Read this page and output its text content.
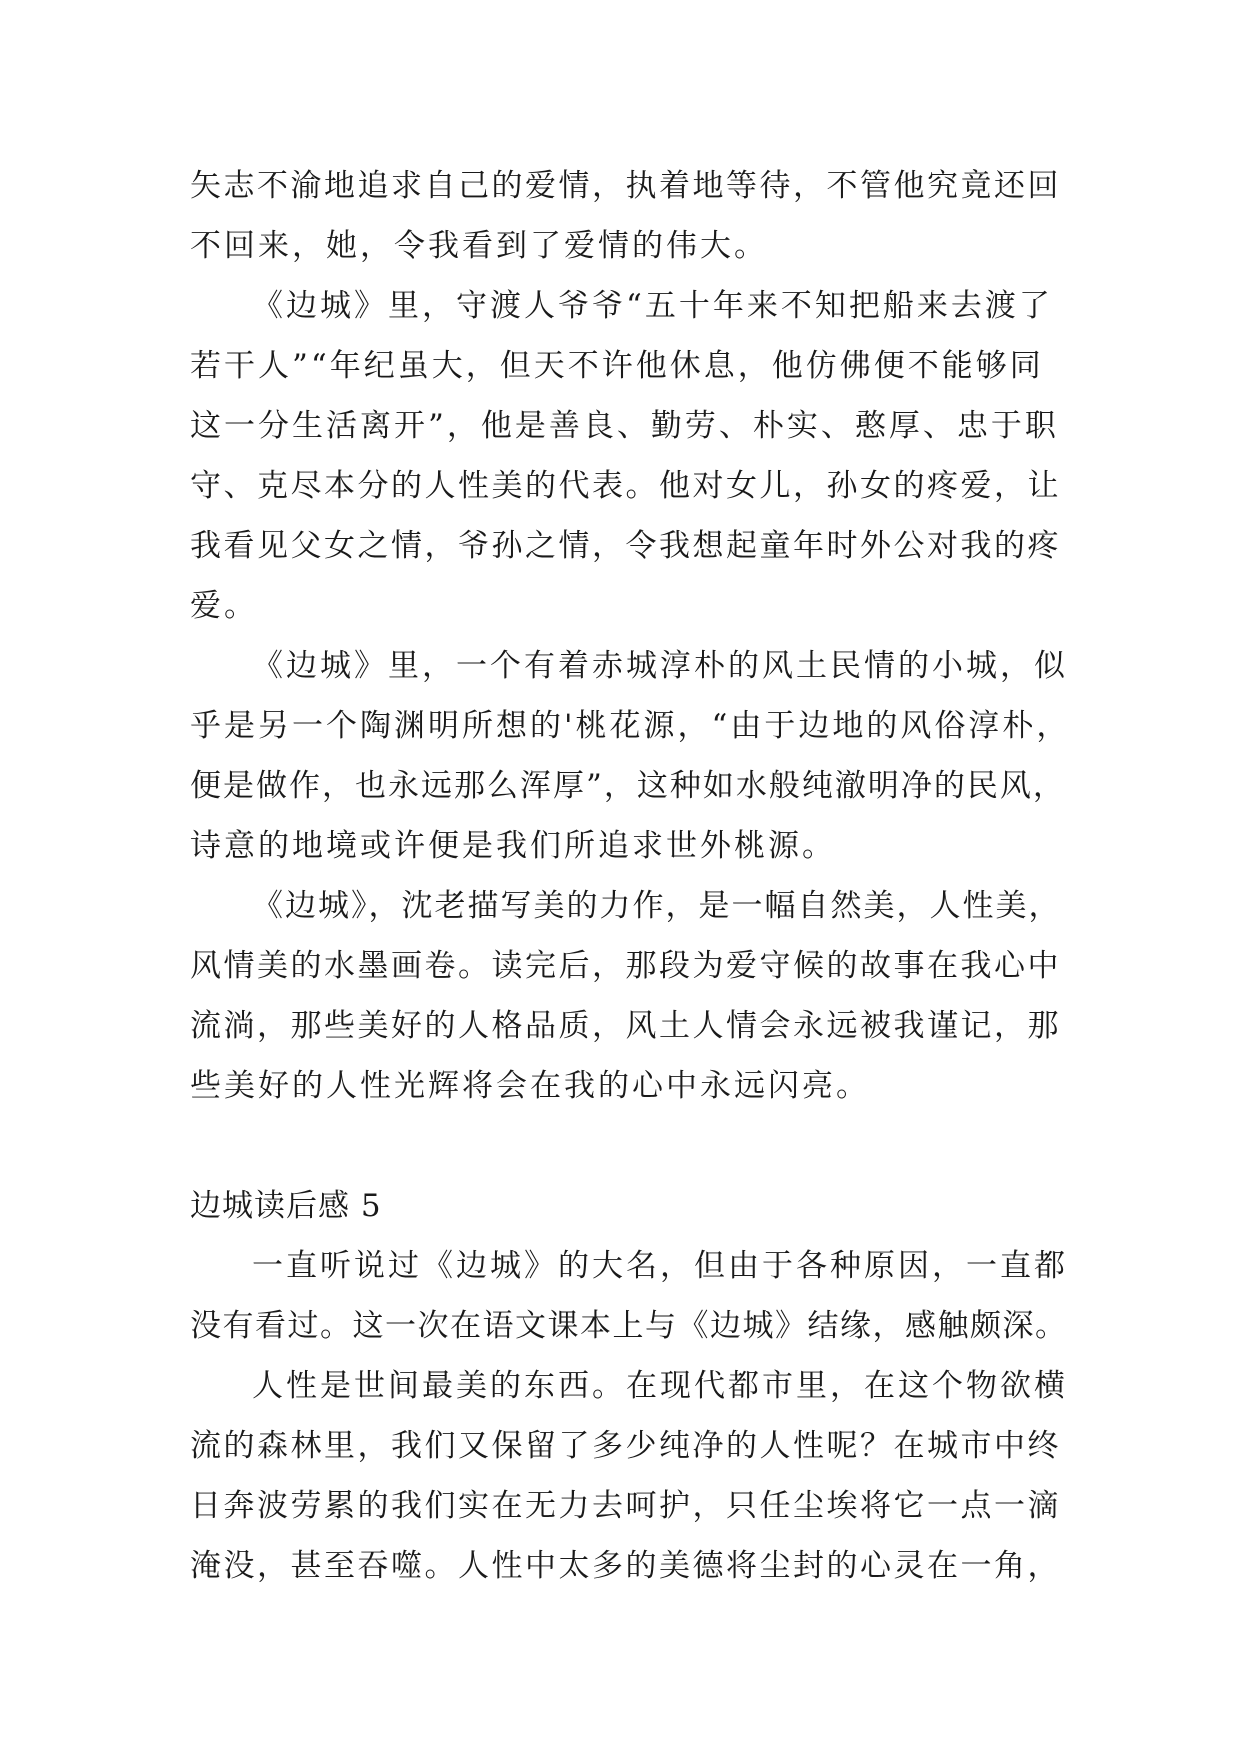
矢志不渝地追求自己的爱情，执着地等待，不管他究竟还回
不回来，她，令我看到了爱情的伟大。
《边城》里，守渡人爷爷“五十年来不知把船来去渡了
若干人”“年纪虽大，但天不许他休息，他仿佛便不能够同
这一分生活离开”，他是善良、勤劳、朴实、憨厚、忠于职
守、克尽本分的人性美的代表。他对女儿，孙女的疼爱，让
我看见父女之情，爷孙之情，令我想起童年时外公对我的疼
爱。
《边城》里，一个有着赤城淳朴的风土民情的小城，似
乎是另一个陶渊明所想的'桃花源，“由于边地的风俗淳朴，
便是做作，也永远那么浑厚”，这种如水般纯澈明净的民风，
诗意的地境或许便是我们所追求世外桃源。
《边城》，沈老描写美的力作，是一幅自然美，人性美，
风情美的水墨画卷。读完后，那段为爱守候的故事在我心中
流淌，那些美好的人格品质，风土人情会永远被我谨记，那
些美好的人性光辉将会在我的心中永远闪亮。
边城读后感 5
一直听说过《边城》的大名，但由于各种原因，一直都
没有看过。这一次在语文课本上与《边城》结缘，感触颇深。
人性是世间最美的东西。在现代都市里，在这个物欲横
流的森林里，我们又保留了多少纯净的人性呢？在城市中终
日奔波劳累的我们实在无力去呵护，只任尘埃将它一点一滴
淹没，甚至吞噬。人性中太多的美德将尘封的心灵在一角，
